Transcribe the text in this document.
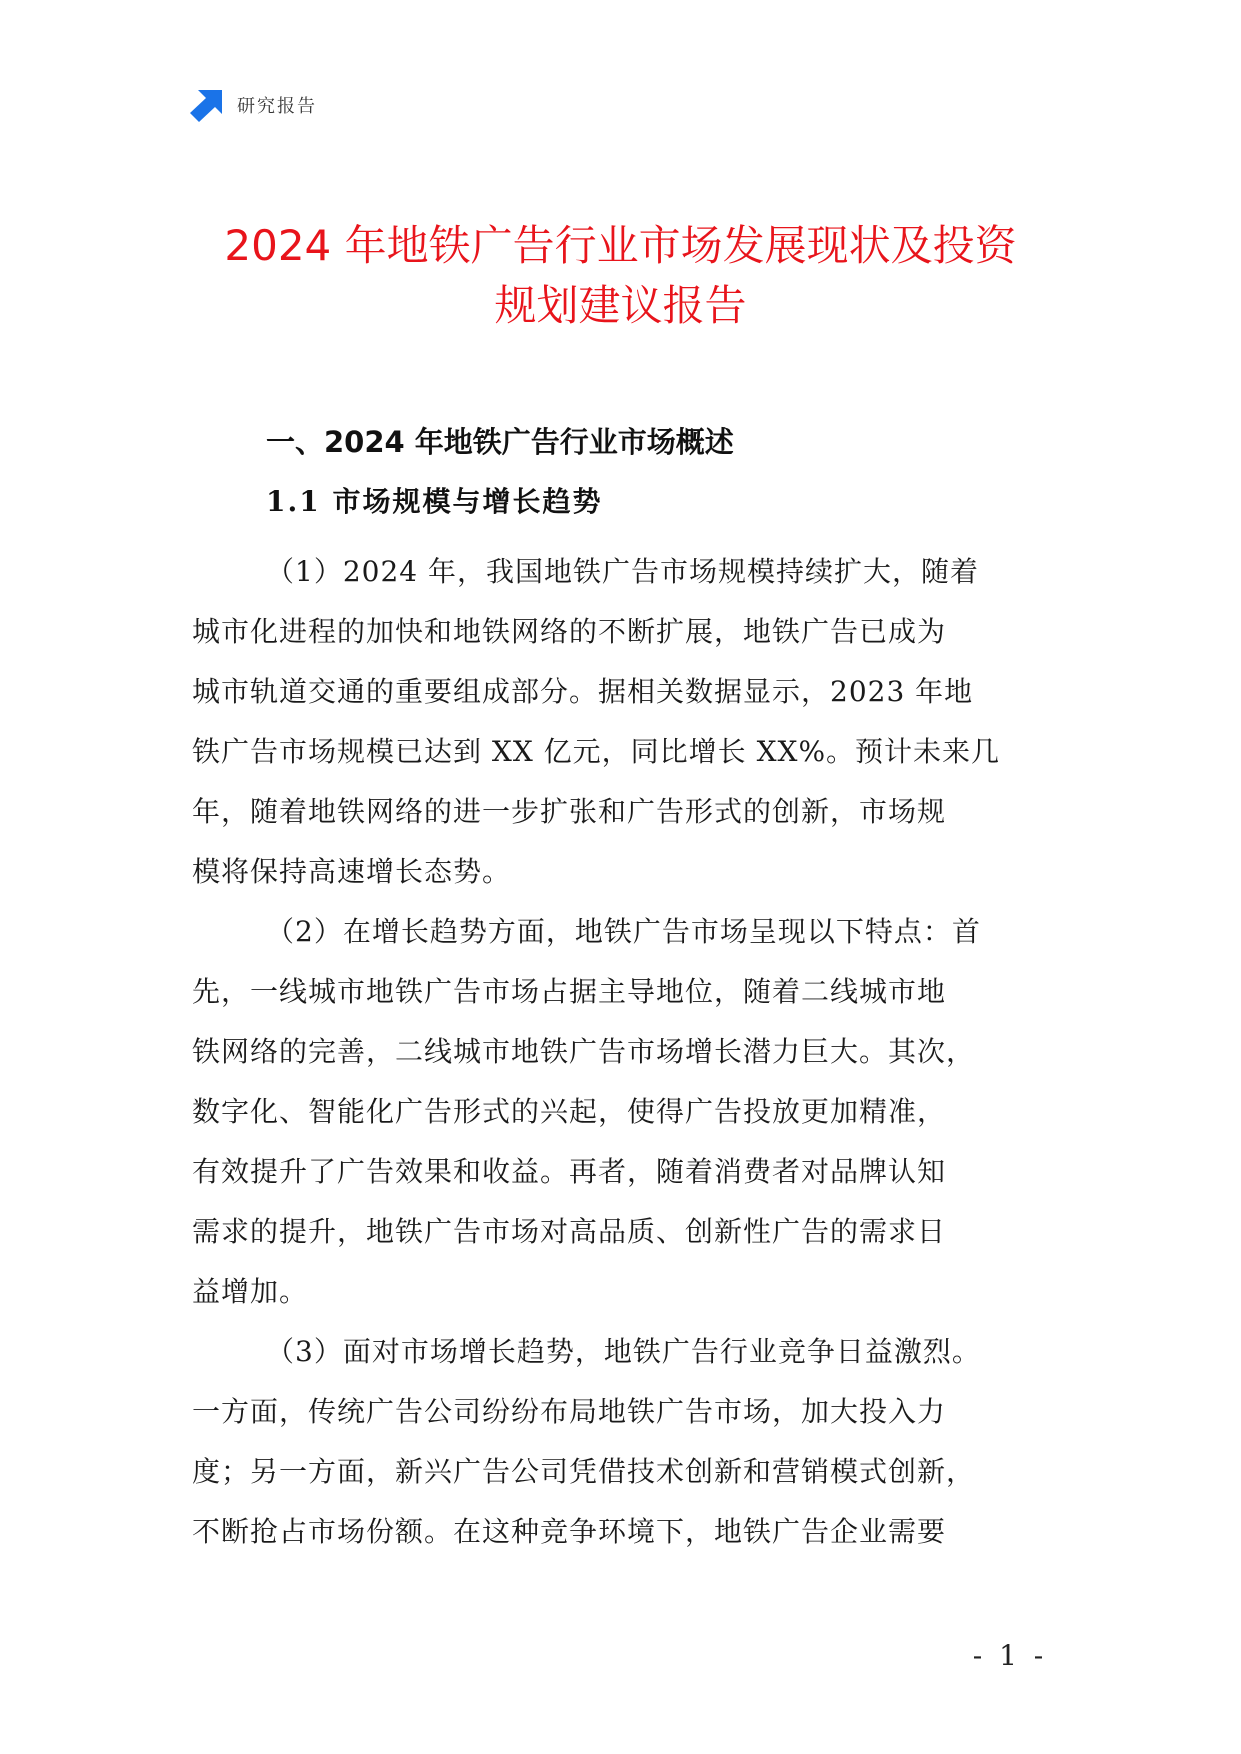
研究报告
2024 年地铁广告行业市场发展现状及投资
规划建议报告
一、2024 年地铁广告行业市场概述
1.1 市场规模与增长趋势

（1）2024 年，我国地铁广告市场规模持续扩大，随着
城市化进程的加快和地铁网络的不断扩展，地铁广告已成为
城市轨道交通的重要组成部分。据相关数据显示，2023 年地
铁广告市场规模已达到 XX 亿元，同比增长 XX%。预计未来几
年，随着地铁网络的进一步扩张和广告形式的创新，市场规
模将保持高速增长态势。

（2）在增长趋势方面，地铁广告市场呈现以下特点：首
先，一线城市地铁广告市场占据主导地位，随着二线城市地
铁网络的完善，二线城市地铁广告市场增长潜力巨大。其次，
数字化、智能化广告形式的兴起，使得广告投放更加精准，
有效提升了广告效果和收益。再者，随着消费者对品牌认知
需求的提升，地铁广告市场对高品质、创新性广告的需求日
益增加。

（3）面对市场增长趋势，地铁广告行业竞争日益激烈。
一方面，传统广告公司纷纷布局地铁广告市场，加大投入力
度；另一方面，新兴广告公司凭借技术创新和营销模式创新，
不断抢占市场份额。在这种竞争环境下，地铁广告企业需要

- 1 -
